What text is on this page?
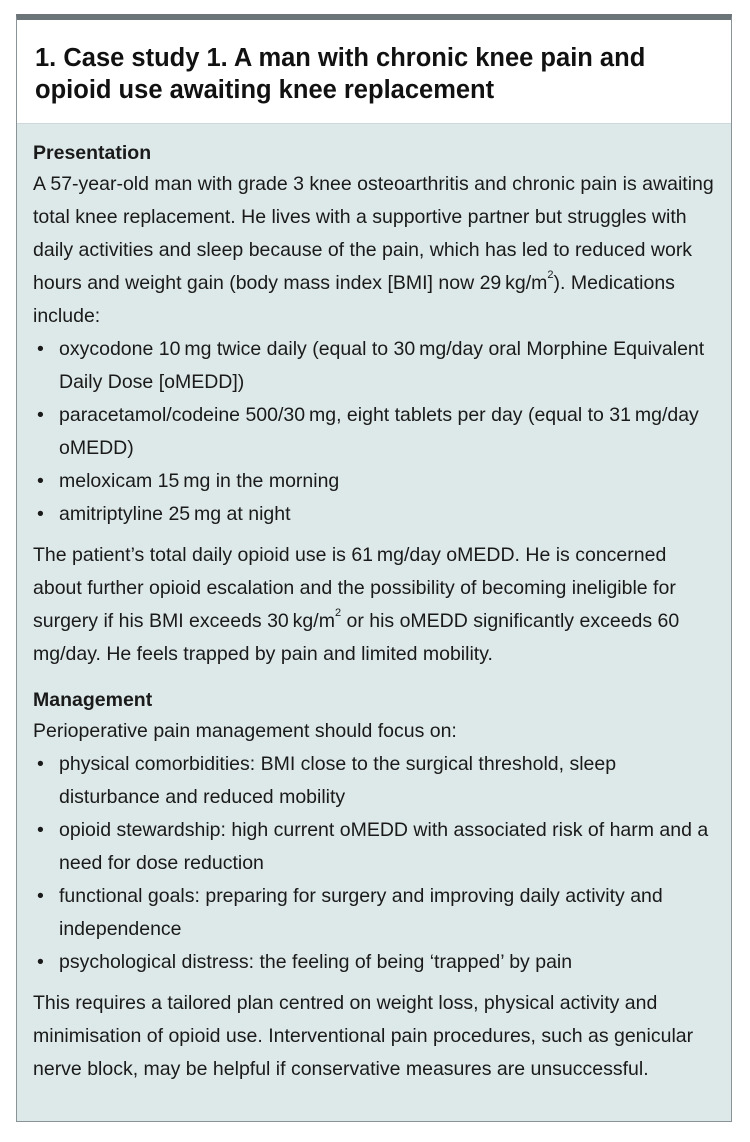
1. Case study 1. A man with chronic knee pain and opioid use awaiting knee replacement

Presentation

A 57-year-old man with grade 3 knee osteoarthritis and chronic pain is awaiting total knee replacement. He lives with a supportive partner but struggles with daily activities and sleep because of the pain, which has led to reduced work hours and weight gain (body mass index [BMI] now 29 $kg/m^2$). Medications include:

• oxycodone 10 mg twice daily (equal to 30 mg/day oral Morphine Equivalent Daily Dose [oMEDD])
• paracetamol/codeine 500/30 mg, eight tablets per day (equal to 31 mg/day oMEDD)
• meloxicam 15 mg in the morning
• amitriptyline 25 mg at night

The patient’s total daily opioid use is 61 mg/day oMEDD. He is concerned about further opioid escalation and the possibility of becoming ineligible for surgery if his BMI exceeds 30 $kg/m^2$ or his oMEDD significantly exceeds 60 mg/day. He feels trapped by pain and limited mobility.

Management

Perioperative pain management should focus on:

• physical comorbidities: BMI close to the surgical threshold, sleep disturbance and reduced mobility
• opioid stewardship: high current oMEDD with associated risk of harm and a need for dose reduction
• functional goals: preparing for surgery and improving daily activity and independence
• psychological distress: the feeling of being ‘trapped’ by pain

This requires a tailored plan centred on weight loss, physical activity and minimisation of opioid use. Interventional pain procedures, such as genicular nerve block, may be helpful if conservative measures are unsuccessful.
